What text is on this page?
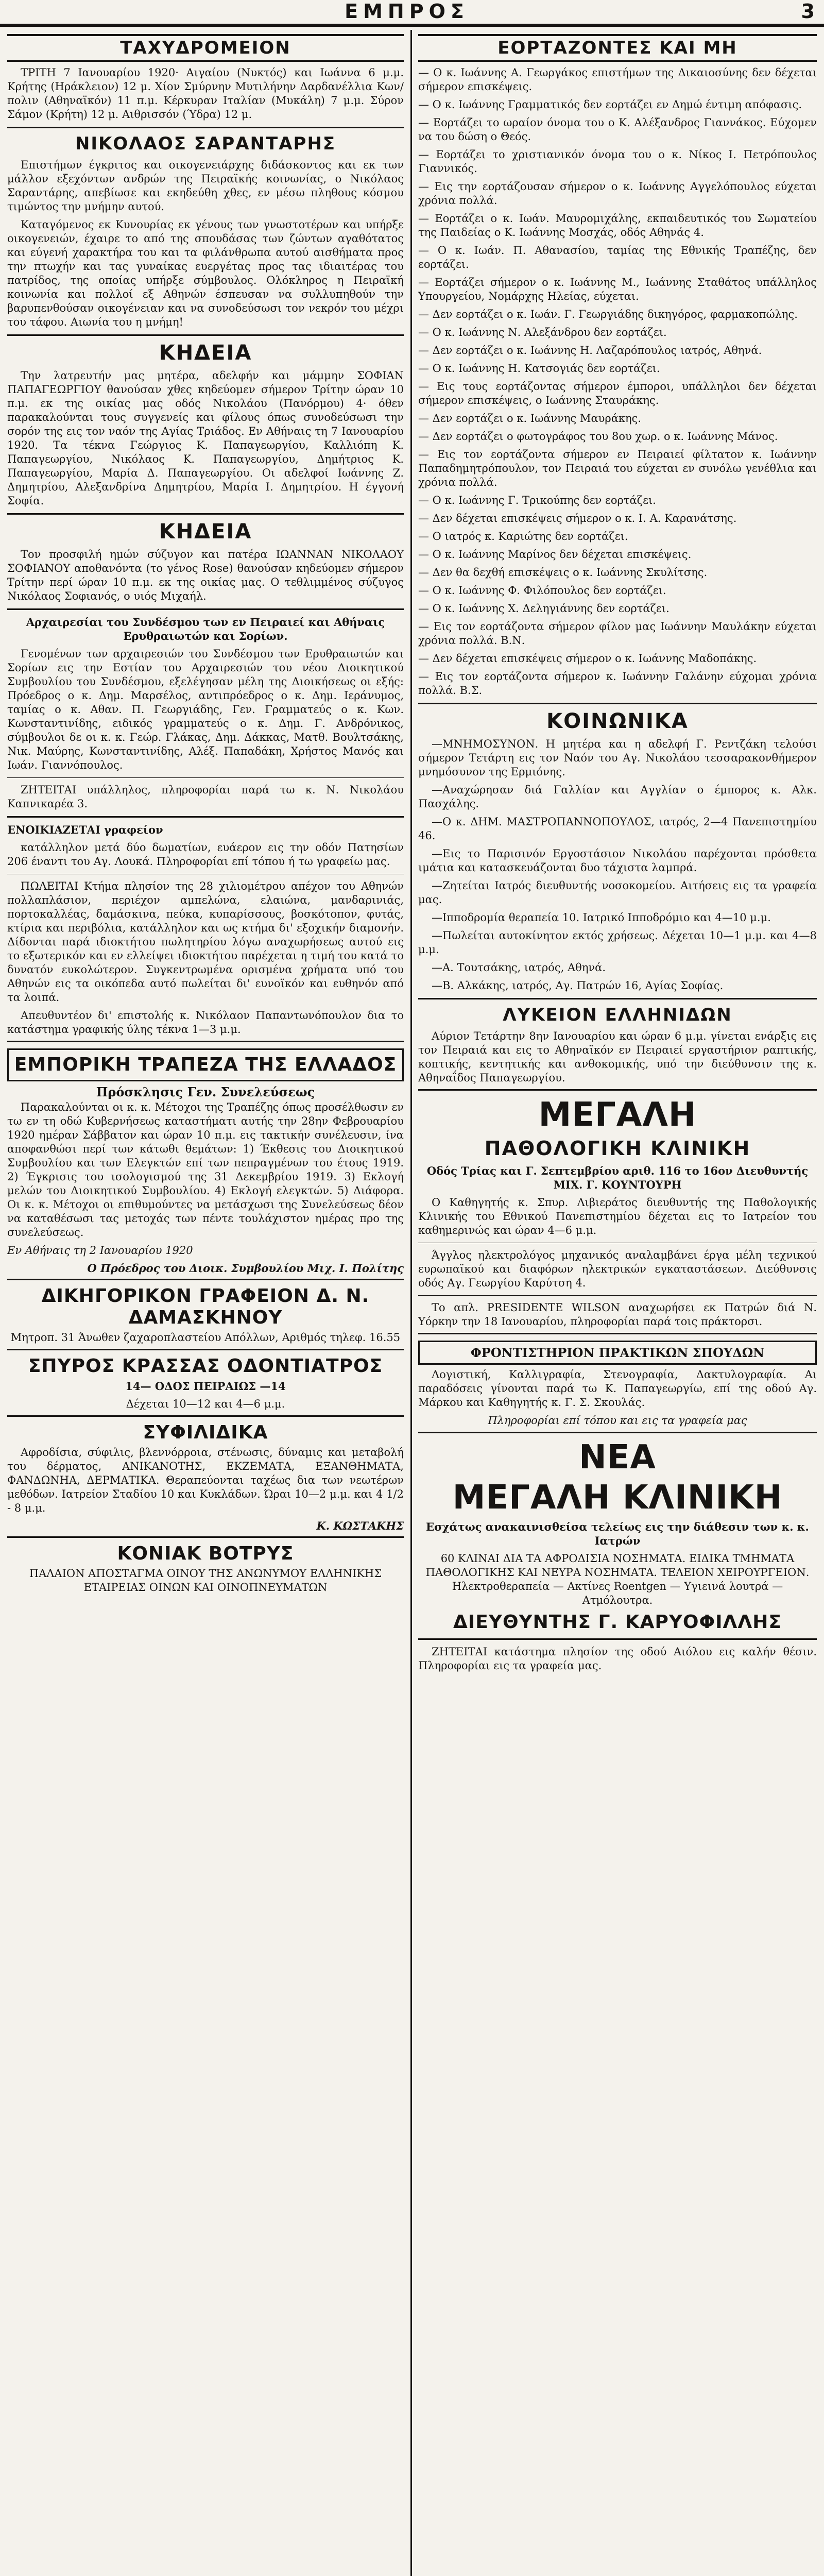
ΕΜΠΡΟΣ	3
ΤΑΧΥΔΡΟΜΕΙΟΝ

ΤΡΙΤΗ 7 Ιανουαρίου 1920· Αιγαίου (Νυκτός) και Ιωάννα 6 μ.μ. Κρήτης (Ηράκλειον) 12 μ. Χίον Σμύρνην Μυτιλήνην Δαρδανέλλια Κων/πολιν (Αθηναϊκόν) 11 π.μ. Κέρκυραν Ιταλίαν (Μυκάλη) 7 μ.μ. Σύρον Σάμον (Κρήτη) 12 μ. Αιθρισσόν (Ύδρα) 12 μ.

ΝΙΚΟΛΑΟΣ ΣΑΡΑΝΤΑΡΗΣ

Επιστήμων έγκριτος και οικογενειάρχης διδάσκοντος και εκ των μάλλον εξεχόντων ανδρών της Πειραϊκής κοινωνίας, ο Νικόλαος Σαραντάρης, απεβίωσε και εκηδεύθη χθες, εν μέσω πληθους κόσμου τιμώντος την μνήμην αυτού.

Καταγόμενος εκ Κυνουρίας εκ γένους των γνωστοτέρων και υπήρξε οικογενειών, έχαιρε το από της σπουδάσας των ζώντων αγαθότατος και εύγενή χαρακτήρα του και τα φιλάνθρωπα αυτού αισθήματα προς την πτωχήν και τας γυναίκας ευεργέτας προς τας ιδιαιτέρας του πατρίδος, της οποίας υπήρξε σύμβουλος. Ολόκληρος η Πειραϊκή κοινωνία και πολλοί εξ Αθηνών έσπευσαν να συλλυπηθούν την βαρυπενθούσαν οικογένειαν και να συνοδεύσωσι τον νεκρόν του μέχρι του τάφου. Αιωνία του η μνήμη!

ΚΗΔΕΙΑ

Την λατρευτήν μας μητέρα, αδελφήν και μάμμην ΣΟΦΙΑΝ ΠΑΠΑΓΕΩΡΓΙΟΥ θανούσαν χθες κηδεύομεν σήμερον Τρίτην ώραν 10 π.μ. εκ της οικίας μας οδός Νικολάου (Πανόρμου) 4· όθεν παρακαλούνται τους συγγενείς και φίλους όπως συνοδεύσωσι την σορόν της εις τον ναόν της Αγίας Τριάδος. Εν Αθήναις τη 7 Ιανουαρίου 1920. Τα τέκνα Γεώργιος Κ. Παπαγεωργίου, Καλλιόπη Κ. Παπαγεωργίου, Νικόλαος Κ. Παπαγεωργίου, Δημήτριος Κ. Παπαγεωργίου, Μαρία Δ. Παπαγεωργίου. Οι αδελφοί Ιωάννης Ζ. Δημητρίου, Αλεξανδρίνα Δημητρίου, Μαρία Ι. Δημητρίου. Η έγγονή Σοφία.

ΚΗΔΕΙΑ

Τον προσφιλή ημών σύζυγον και πατέρα ΙΩΑΝΝΑΝ ΝΙΚΟΛΑΟΥ ΣΟΦΙΑΝΟΥ αποθανόντα (το γένος Rose) θανούσαν κηδεύομεν σήμερον Τρίτην περί ώραν 10 π.μ. εκ της οικίας μας. Ο τεθλιμμένος σύζυγος Νικόλαος Σοφιανός, ο υιός Μιχαήλ.

Αρχαιρεσίαι του Συνδέσμου των εν Πειραιεί και Αθήναις Ερυθραιωτών και Σορίων.

Γενομένων των αρχαιρεσιών του Συνδέσμου των Ερυθραιωτών και Σορίων εις την Εστίαν του Αρχαιρεσιών του νέου Διοικητικού Συμβουλίου του Συνδέσμου, εξελέγησαν μέλη της Διοικήσεως οι εξής: Πρόεδρος ο κ. Δημ. Μαρσέλος, αντιπρόεδρος ο κ. Δημ. Ιεράνυμος, ταμίας ο κ. Αθαν. Π. Γεωργιάδης, Γεν. Γραμματεύς ο κ. Κων. Κωνσταντινίδης, ειδικός γραμματεύς ο κ. Δημ. Γ. Ανδρόνικος, σύμβουλοι δε οι κ. κ. Γεώρ. Γλάκας, Δημ. Δάκκας, Ματθ. Βουλτσάκης, Νικ. Μαύρης, Κωνσταντινίδης, Αλέξ. Παπαδάκη, Χρήστος Μανός και Ιωάν. Γιαννόπουλος.

ΖΗΤΕΙΤΑΙ υπάλληλος, πληροφορίαι παρά τω κ. Ν. Νικολάου Καπνικαρέα 3.

ΕΝΟΙΚΙΑΖΕΤΑΙ γραφείον

κατάλληλον μετά δύο δωματίων, ευάερον εις την οδόν Πατησίων 206 έναντι του Αγ. Λουκά. Πληροφορίαι επί τόπου ή τω γραφείω μας.

ΠΩΛΕΙΤΑΙ Κτήμα πλησίον της 28 χιλιομέτρου απέχον του Αθηνών πολλαπλάσιον, περιέχον αμπελώνα, ελαιώνα, μανδαρινιάς, πορτοκαλλέας, δαμάσκινα, πεύκα, κυπαρίσσους, βοσκότοπον, φυτάς, κτίρια και περιβόλια, κατάλληλον και ως κτήμα δι' εξοχικήν διαμονήν. Δίδονται παρά ιδιοκτήτου πωλητηρίου λόγω αναχωρήσεως αυτού εις το εξωτερικόν και εν ελλείψει ιδιοκτήτου παρέχεται η τιμή του κατά το δυνατόν ευκολώτερον. Συγκεντρωμένα ορισμένα χρήματα υπό του Αθηνών εις τα οικόπεδα αυτό πωλείται δι' ευνοϊκόν και ευθηνόν από τα λοιπά.

Απευθυντέον δι' επιστολής κ. Νικόλαον Παπαντωνόπουλον δια το κατάστημα γραφικής ύλης τέκνα 1—3 μ.μ.

ΕΜΠΟΡΙΚΗ ΤΡΑΠΕΖΑ ΤΗΣ ΕΛΛΑΔΟΣ
Πρόσκλησις Γεν. Συνελεύσεως

Παρακαλούνται οι κ. κ. Μέτοχοι της Τραπέζης όπως προσέλθωσιν εν τω εν τη οδώ Κυβερνήσεως καταστήματι αυτής την 28ην Φεβρουαρίου 1920 ημέραν Σάββατον και ώραν 10 π.μ. εις τακτικήν συνέλευσιν, ίνα αποφανθώσι περί των κάτωθι θεμάτων: 1) Έκθεσις του Διοικητικού Συμβουλίου και των Ελεγκτών επί των πεπραγμένων του έτους 1919. 2) Έγκρισις του ισολογισμού της 31 Δεκεμβρίου 1919. 3) Εκλογή μελών του Διοικητικού Συμβουλίου. 4) Εκλογή ελεγκτών. 5) Διάφορα. Οι κ. κ. Μέτοχοι οι επιθυμούντες να μετάσχωσι της Συνελεύσεως δέον να καταθέσωσι τας μετοχάς των πέντε τουλάχιστον ημέρας προ της συνελεύσεως.

Εν Αθήναις τη 2 Ιανουαρίου 1920

Ο Πρόεδρος του Διοικ. Συμβουλίου Μιχ. Ι. Πολίτης
ΔΙΚΗΓΟΡΙΚΟΝ ΓΡΑΦΕΙΟΝ Δ. Ν. ΔΑΜΑΣΚΗΝΟΥ

Μητροπ. 31 Άνωθεν ζαχαροπλαστείου Απόλλων, Αριθμός τηλεφ. 16.55

ΣΠΥΡΟΣ ΚΡΑΣΣΑΣ ΟΔΟΝΤΙΑΤΡΟΣ

14— ΟΔΟΣ ΠΕΙΡΑΙΩΣ —14

Δέχεται 10—12 και 4—6 μ.μ.

ΣΥΦΙΛΙΔΙΚΑ

Αφροδίσια, σύφιλις, βλεννόρροια, στένωσις, δύναμις και μεταβολή του δέρματος, ΑΝΙΚΑΝΟΤΗΣ, ΕΚΖΕΜΑΤΑ, ΕΞΑΝΘΗΜΑΤΑ, ΦΑΝΔΩΝΗΑ, ΔΕΡΜΑΤΙΚΑ. Θεραπεύονται ταχέως δια των νεωτέρων μεθόδων. Ιατρείον Σταδίου 10 και Κυκλάδων. Ώραι 10—2 μ.μ. και 4 1/2 - 8 μ.μ.

Κ. ΚΩΣΤΑΚΗΣ
ΚΟΝΙΑΚ ΒΟΤΡΥΣ

ΠΑΛΑΙΟΝ ΑΠΟΣΤΑΓΜΑ ΟΙΝΟΥ ΤΗΣ ΑΝΩΝΥΜΟΥ ΕΛΛΗΝΙΚΗΣ ΕΤΑΙΡΕΙΑΣ ΟΙΝΩΝ ΚΑΙ ΟΙΝΟΠΝΕΥΜΑΤΩΝ

ΕΟΡΤΑΖΟΝΤΕΣ ΚΑΙ ΜΗ

— Ο κ. Ιωάννης Α. Γεωργάκος επιστήμων της Δικαιοσύνης δεν δέχεται σήμερον επισκέψεις.

— Ο κ. Ιωάννης Γραμματικός δεν εορτάζει εν Δημώ έντιμη απόφασις.

— Εορτάζει το ωραίον όνομα του ο Κ. Αλέξανδρος Γιαννάκος. Εύχομεν να του δώση ο Θεός.

— Εορτάζει το χριστιανικόν όνομα του ο κ. Νίκος Ι. Πετρόπουλος Γιαννικός.

— Εις την εορτάζουσαν σήμερον ο κ. Ιωάννης Αγγελόπουλος εύχεται χρόνια πολλά.

— Εορτάζει ο κ. Ιωάν. Μαυρομιχάλης, εκπαιδευτικός του Σωματείου της Παιδείας ο Κ. Ιωάννης Μοσχάς, οδός Αθηνάς 4.

— Ο κ. Ιωάν. Π. Αθανασίου, ταμίας της Εθνικής Τραπέζης, δεν εορτάζει.

— Εορτάζει σήμερον ο κ. Ιωάννης Μ., Ιωάννης Σταθάτος υπάλληλος Υπουργείου, Νομάρχης Ηλείας, εύχεται.

— Δεν εορτάζει ο κ. Ιωάν. Γ. Γεωργιάδης δικηγόρος, φαρμακοπώλης.

— Ο κ. Ιωάννης Ν. Αλεξάνδρου δεν εορτάζει.

— Δεν εορτάζει ο κ. Ιωάννης Η. Λαζαρόπουλος ιατρός, Αθηνά.

— Ο κ. Ιωάννης Η. Κατσογιάς δεν εορτάζει.

— Εις τους εορτάζοντας σήμερον έμποροι, υπάλληλοι δεν δέχεται σήμερον επισκέψεις, ο Ιωάννης Σταυράκης.

— Δεν εορτάζει ο κ. Ιωάννης Μαυράκης.

— Δεν εορτάζει ο φωτογράφος του 8ου χωρ. ο κ. Ιωάννης Μάνος.

— Εις τον εορτάζοντα σήμερον εν Πειραιεί φίλτατον κ. Ιωάννην Παπαδημητρόπουλον, τον Πειραιά του εύχεται εν συνόλω γενέθλια και χρόνια πολλά.

— Ο κ. Ιωάννης Γ. Τρικούπης δεν εορτάζει.

— Δεν δέχεται επισκέψεις σήμερον ο κ. Ι. Α. Καρανάτσης.

— Ο ιατρός κ. Καριώτης δεν εορτάζει.

— Ο κ. Ιωάννης Μαρίνος δεν δέχεται επισκέψεις.

— Δεν θα δεχθή επισκέψεις ο κ. Ιωάννης Σκυλίτσης.

— Ο κ. Ιωάννης Φ. Φιλόπουλος δεν εορτάζει.

— Ο κ. Ιωάννης Χ. Δεληγιάννης δεν εορτάζει.

— Εις τον εορτάζοντα σήμερον φίλον μας Ιωάννην Μαυλάκην εύχεται χρόνια πολλά. Β.Ν.

— Δεν δέχεται επισκέψεις σήμερον ο κ. Ιωάννης Μαδοπάκης.

— Εις τον εορτάζοντα σήμερον κ. Ιωάννην Γαλάνην εύχομαι χρόνια πολλά. Β.Σ.

ΚΟΙΝΩΝΙΚΑ

—ΜΝΗΜΟΣΥΝΟΝ. Η μητέρα και η αδελφή Γ. Ρεντζάκη τελούσι σήμερον Τετάρτη εις τον Ναόν του Αγ. Νικολάου τεσσαρακονθήμερον μνημόσυνον της Ερμιόνης.

—Αναχώρησαν διά Γαλλίαν και Αγγλίαν ο έμπορος κ. Αλκ. Πασχάλης.

—Ο κ. ΔΗΜ. ΜΑΣΤΡΟΠΑΝΝΟΠΟΥΛΟΣ, ιατρός, 2—4 Πανεπιστημίου 46.

—Εις το Παρισινόν Εργοστάσιον Νικολάου παρέχονται πρόσθετα ιμάτια και κατασκευάζονται δυο τάχιστα λαμπρά.

—Ζητείται Ιατρός διευθυντής νοσοκομείου. Αιτήσεις εις τα γραφεία μας.

—Ιπποδρομία θεραπεία 10. Ιατρικό Ιπποδρόμιο και 4—10 μ.μ.

—Πωλείται αυτοκίνητον εκτός χρήσεως. Δέχεται 10—1 μ.μ. και 4—8 μ.μ.

—Α. Τουτσάκης, ιατρός, Αθηνά.

—Β. Αλκάκης, ιατρός, Αγ. Πατρών 16, Αγίας Σοφίας.

ΛΥΚΕΙΟΝ ΕΛΛΗΝΙΔΩΝ

Αύριον Τετάρτην 8ην Ιανουαρίου και ώραν 6 μ.μ. γίνεται ενάρξις εις τον Πειραιά και εις το Αθηναϊκόν εν Πειραιεί εργαστήριον ραπτικής, κοπτικής, κεντητικής και ανθοκομικής, υπό την διεύθυνσιν της κ. Αθηναΐδος Παπαγεωργίου.

ΜΕΓΑΛΗ
ΠΑΘΟΛΟΓΙΚΗ ΚΛΙΝΙΚΗ

Οδός Τρίας και Γ. Σεπτεμβρίου αριθ. 116 το 16ον Διευθυντής ΜΙΧ. Γ. ΚΟΥΝΤΟΥΡΗ

Ο Καθηγητής κ. Σπυρ. Λιβιεράτος διευθυντής της Παθολογικής Κλινικής του Εθνικού Πανεπιστημίου δέχεται εις το Ιατρείον του καθημερινώς και ώραν 4—6 μ.μ.

Άγγλος ηλεκτρολόγος μηχανικός αναλαμβάνει έργα μέλη τεχνικού ευρωπαϊκού και διαφόρων ηλεκτρικών εγκαταστάσεων. Διεύθυνσις οδός Αγ. Γεωργίου Καρύτση 4.

Το απλ. PRESIDENTE WILSON αναχωρήσει εκ Πατρών διά Ν. Υόρκην την 18 Ιανουαρίου, πληροφορίαι παρά τοις πράκτορσι.

ΦΡΟΝΤΙΣΤΗΡΙΟΝ ΠΡΑΚΤΙΚΩΝ ΣΠΟΥΔΩΝ

Λογιστική, Καλλιγραφία, Στενογραφία, Δακτυλογραφία. Αι παραδόσεις γίνονται παρά τω Κ. Παπαγεωργίω, επί της οδού Αγ. Μάρκου και Καθηγητής κ. Γ. Σ. Σκουλάς.

Πληροφορίαι επί τόπου και εις τα γραφεία μας

ΝΕΑ
ΜΕΓΑΛΗ ΚΛΙΝΙΚΗ

Εσχάτως ανακαινισθείσα τελείως εις την διάθεσιν των κ. κ. Ιατρών

60 ΚΛΙΝΑΙ ΔΙΑ ΤΑ ΑΦΡΟΔΙΣΙΑ ΝΟΣΗΜΑΤΑ. ΕΙΔΙΚΑ ΤΜΗΜΑΤΑ ΠΑΘΟΛΟΓΙΚΗΣ ΚΑΙ ΝΕΥΡΑ ΝΟΣΗΜΑΤΑ. ΤΕΛΕΙΟΝ ΧΕΙΡΟΥΡΓΕΙΟΝ. Ηλεκτροθεραπεία — Ακτίνες Roentgen — Υγιεινά λουτρά — Ατμόλουτρα.

ΔΙΕΥΘΥΝΤΗΣ Γ. ΚΑΡΥΟΦΙΛΛΗΣ

ΖΗΤΕΙΤΑΙ κατάστημα πλησίον της οδού Αιόλου εις καλήν θέσιν. Πληροφορίαι εις τα γραφεία μας.
